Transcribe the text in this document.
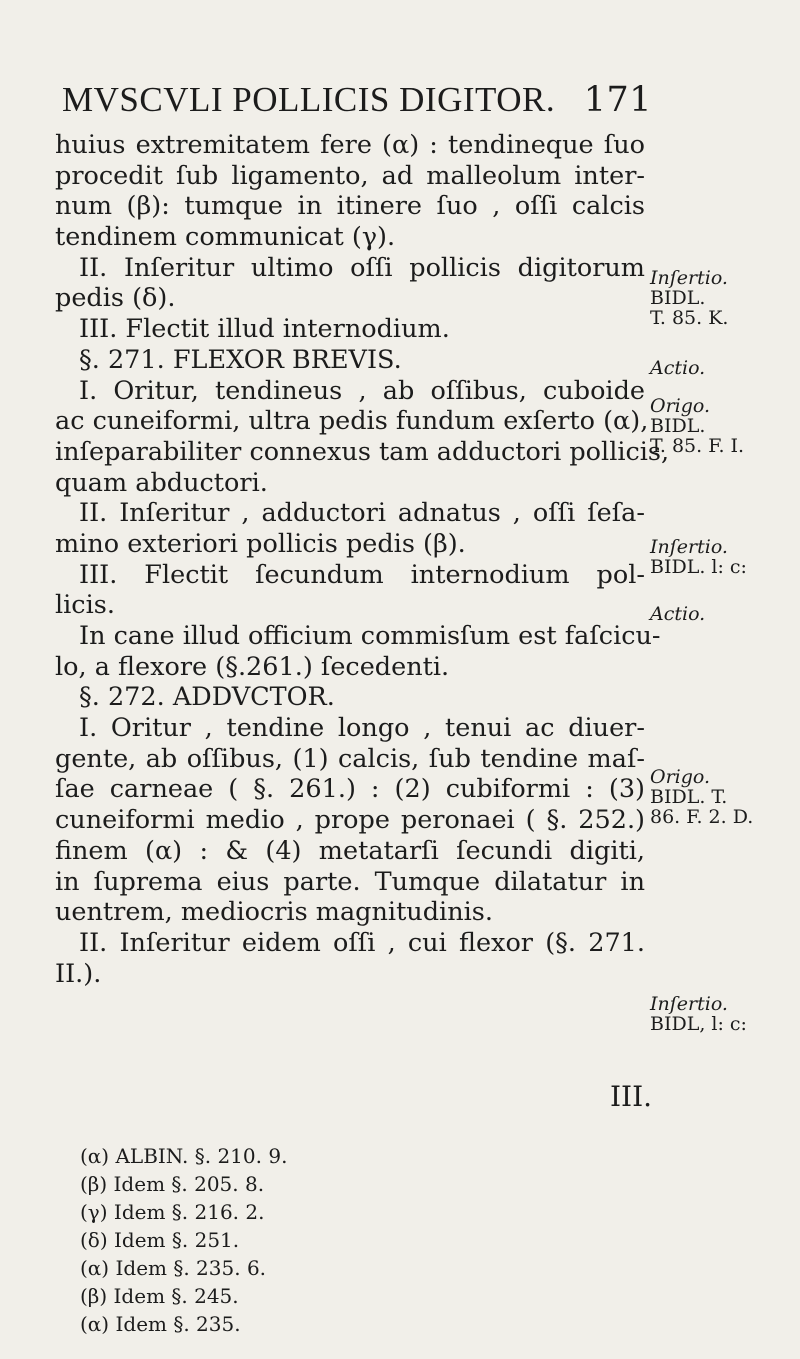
MVSCVLI POLLICIS DIGITOR. 171
huius extremitatem fere (α) : tendineque ſuo
procedit ſub ligamento, ad malleolum inter-
num (β): tumque in itinere ſuo , oſſi calcis
tendinem communicat (γ).
II. Inſeritur ultimo oſſi pollicis digitorum
pedis (δ).
III. Flectit illud internodium.
§. 271. FLEXOR BREVIS.
I. Oritur, tendineus , ab oſſibus, cuboide
ac cuneiformi, ultra pedis fundum exſerto (α),
inſeparabiliter connexus tam adductori pollicis,
quam abductori.
II. Inſeritur , adductori adnatus , oſſi ſeſa-
mino exteriori pollicis pedis (β).
III. Flectit ſecundum internodium pol-
licis.
In cane illud officium commisſum est faſcicu-
lo, a flexore (§.261.) ſecedenti.
§. 272. ADDVCTOR.
I. Oritur , tendine longo , tenui ac diuer-
gente, ab oſſibus, (1) calcis, ſub tendine maſ-
ſae carneae ( §. 261.) : (2) cubiformi : (3)
cuneiformi medio , prope peronaei ( §. 252.)
finem (α) : & (4) metatarſi ſecundi digiti,
in ſuprema eius parte. Tumque dilatatur in
uentrem, mediocris magnitudinis.
II. Inſeritur eidem oſſi , cui flexor (§. 271.
II.).
Inſertio.
BIDL.
T. 85. K.
Actio.
Origo.
BIDL.
T. 85. F. I.
Inſertio.
BIDL. l: c:
Actio.
Origo.
BIDL. T.
86. F. 2. D.
Inſertio.
BIDL, l: c:
III.
(α) ALBIN. §. 210. 9.
(β) Idem §. 205. 8.
(γ) Idem §. 216. 2.
(δ) Idem §. 251.
(α) Idem §. 235. 6.
(β) Idem §. 245.
(α) Idem §. 235.
